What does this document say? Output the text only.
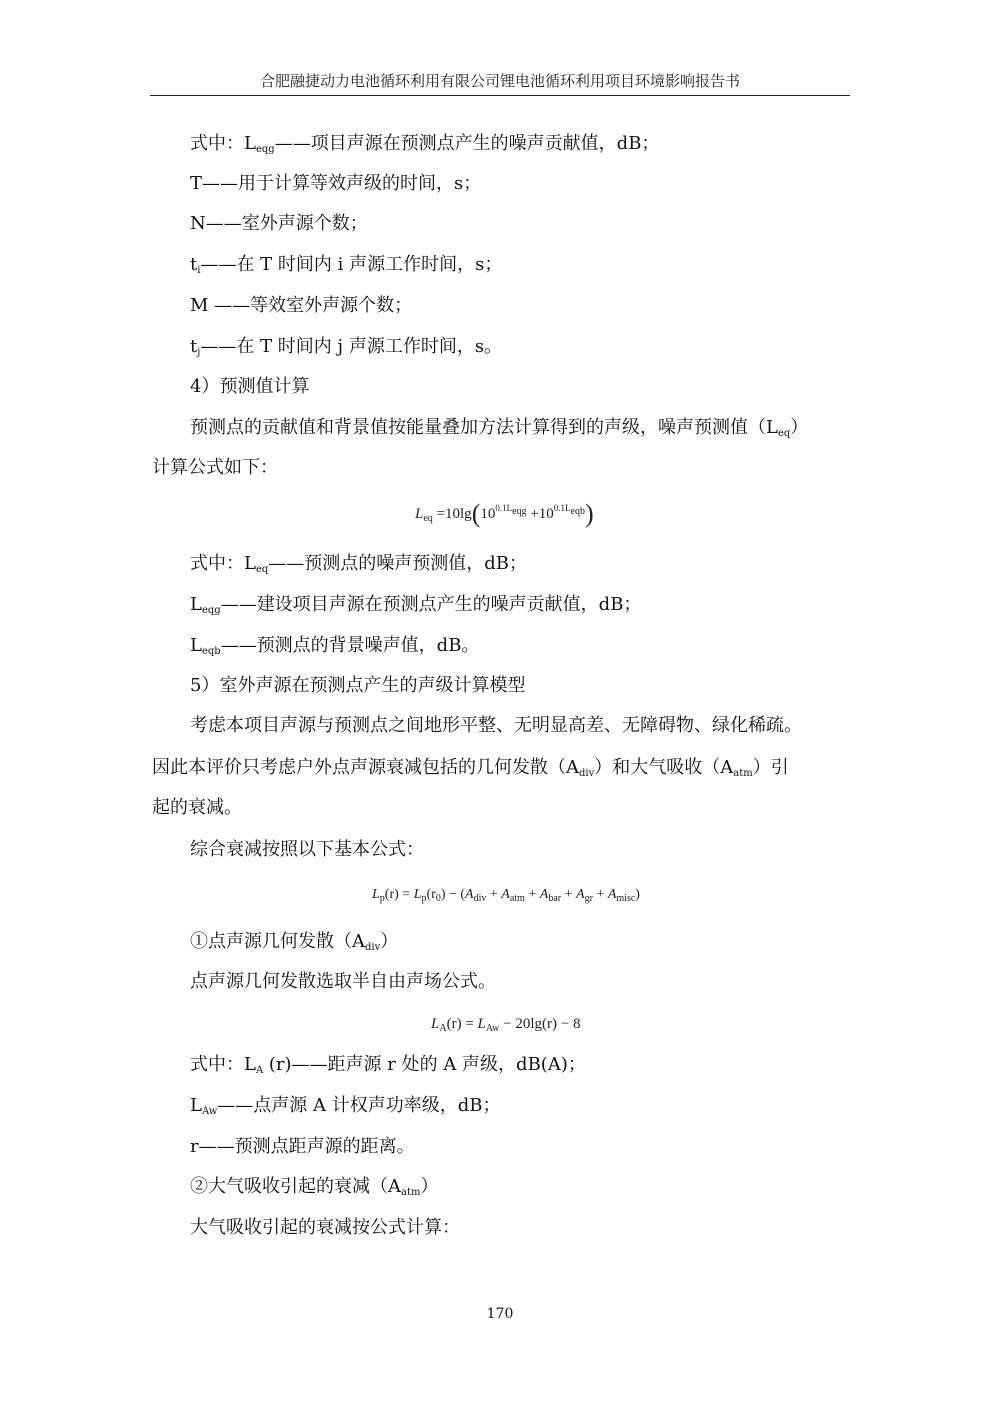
合肥融捷动力电池循环利用有限公司锂电池循环利用项目环境影响报告书
式中：$L_{eqg}——$项目声源在预测点产生的噪声贡献值，dB；
T——用于计算等效声级的时间，s；
N——室外声源个数；
$t_i——$在 T 时间内 i 声源工作时间，s；
M ——等效室外声源个数；
$t_j——$在 T 时间内 j 声源工作时间，s。
4）预测值计算
预测点的贡献值和背景值按能量叠加方法计算得到的声级，噪声预测值$(L_{eq})$
计算公式如下：
$L_{eq} =10\lg(10^{0.1L_{eqg}} +10^{0.1L_{eqb}})$
式中：$L_{eq}——$预测点的噪声预测值，dB；
$L_{eqg}——$建设项目声源在预测点产生的噪声贡献值，dB；
$L_{eqb}——$预测点的背景噪声值，dB。
5）室外声源在预测点产生的声级计算模型
考虑本项目声源与预测点之间地形平整、无明显高差、无障碍物、绿化稀疏。
因此本评价只考虑户外点声源衰减包括的几何发散$(A_{div})$和大气吸收$(A_{atm})$引
起的衰减。
综合衰减按照以下基本公式：
$L_p(r) = L_p(r_0) - (A_{div} + A_{atm} + A_{bar} + A_{gr} + A_{misc})$
①点声源几何发散$(A_{div})$
点声源几何发散选取半自由声场公式。
$L_A(r) = L_{Aw} - 20\lg(r) - 8$
式中：$L_A$ (r)——距声源 r 处的 A 声级，dB(A)；
$L_{Aw}——$点声源 A 计权声功率级，dB；
r——预测点距声源的距离。
②大气吸收引起的衰减$(A_{atm})$
大气吸收引起的衰减按公式计算：
170
